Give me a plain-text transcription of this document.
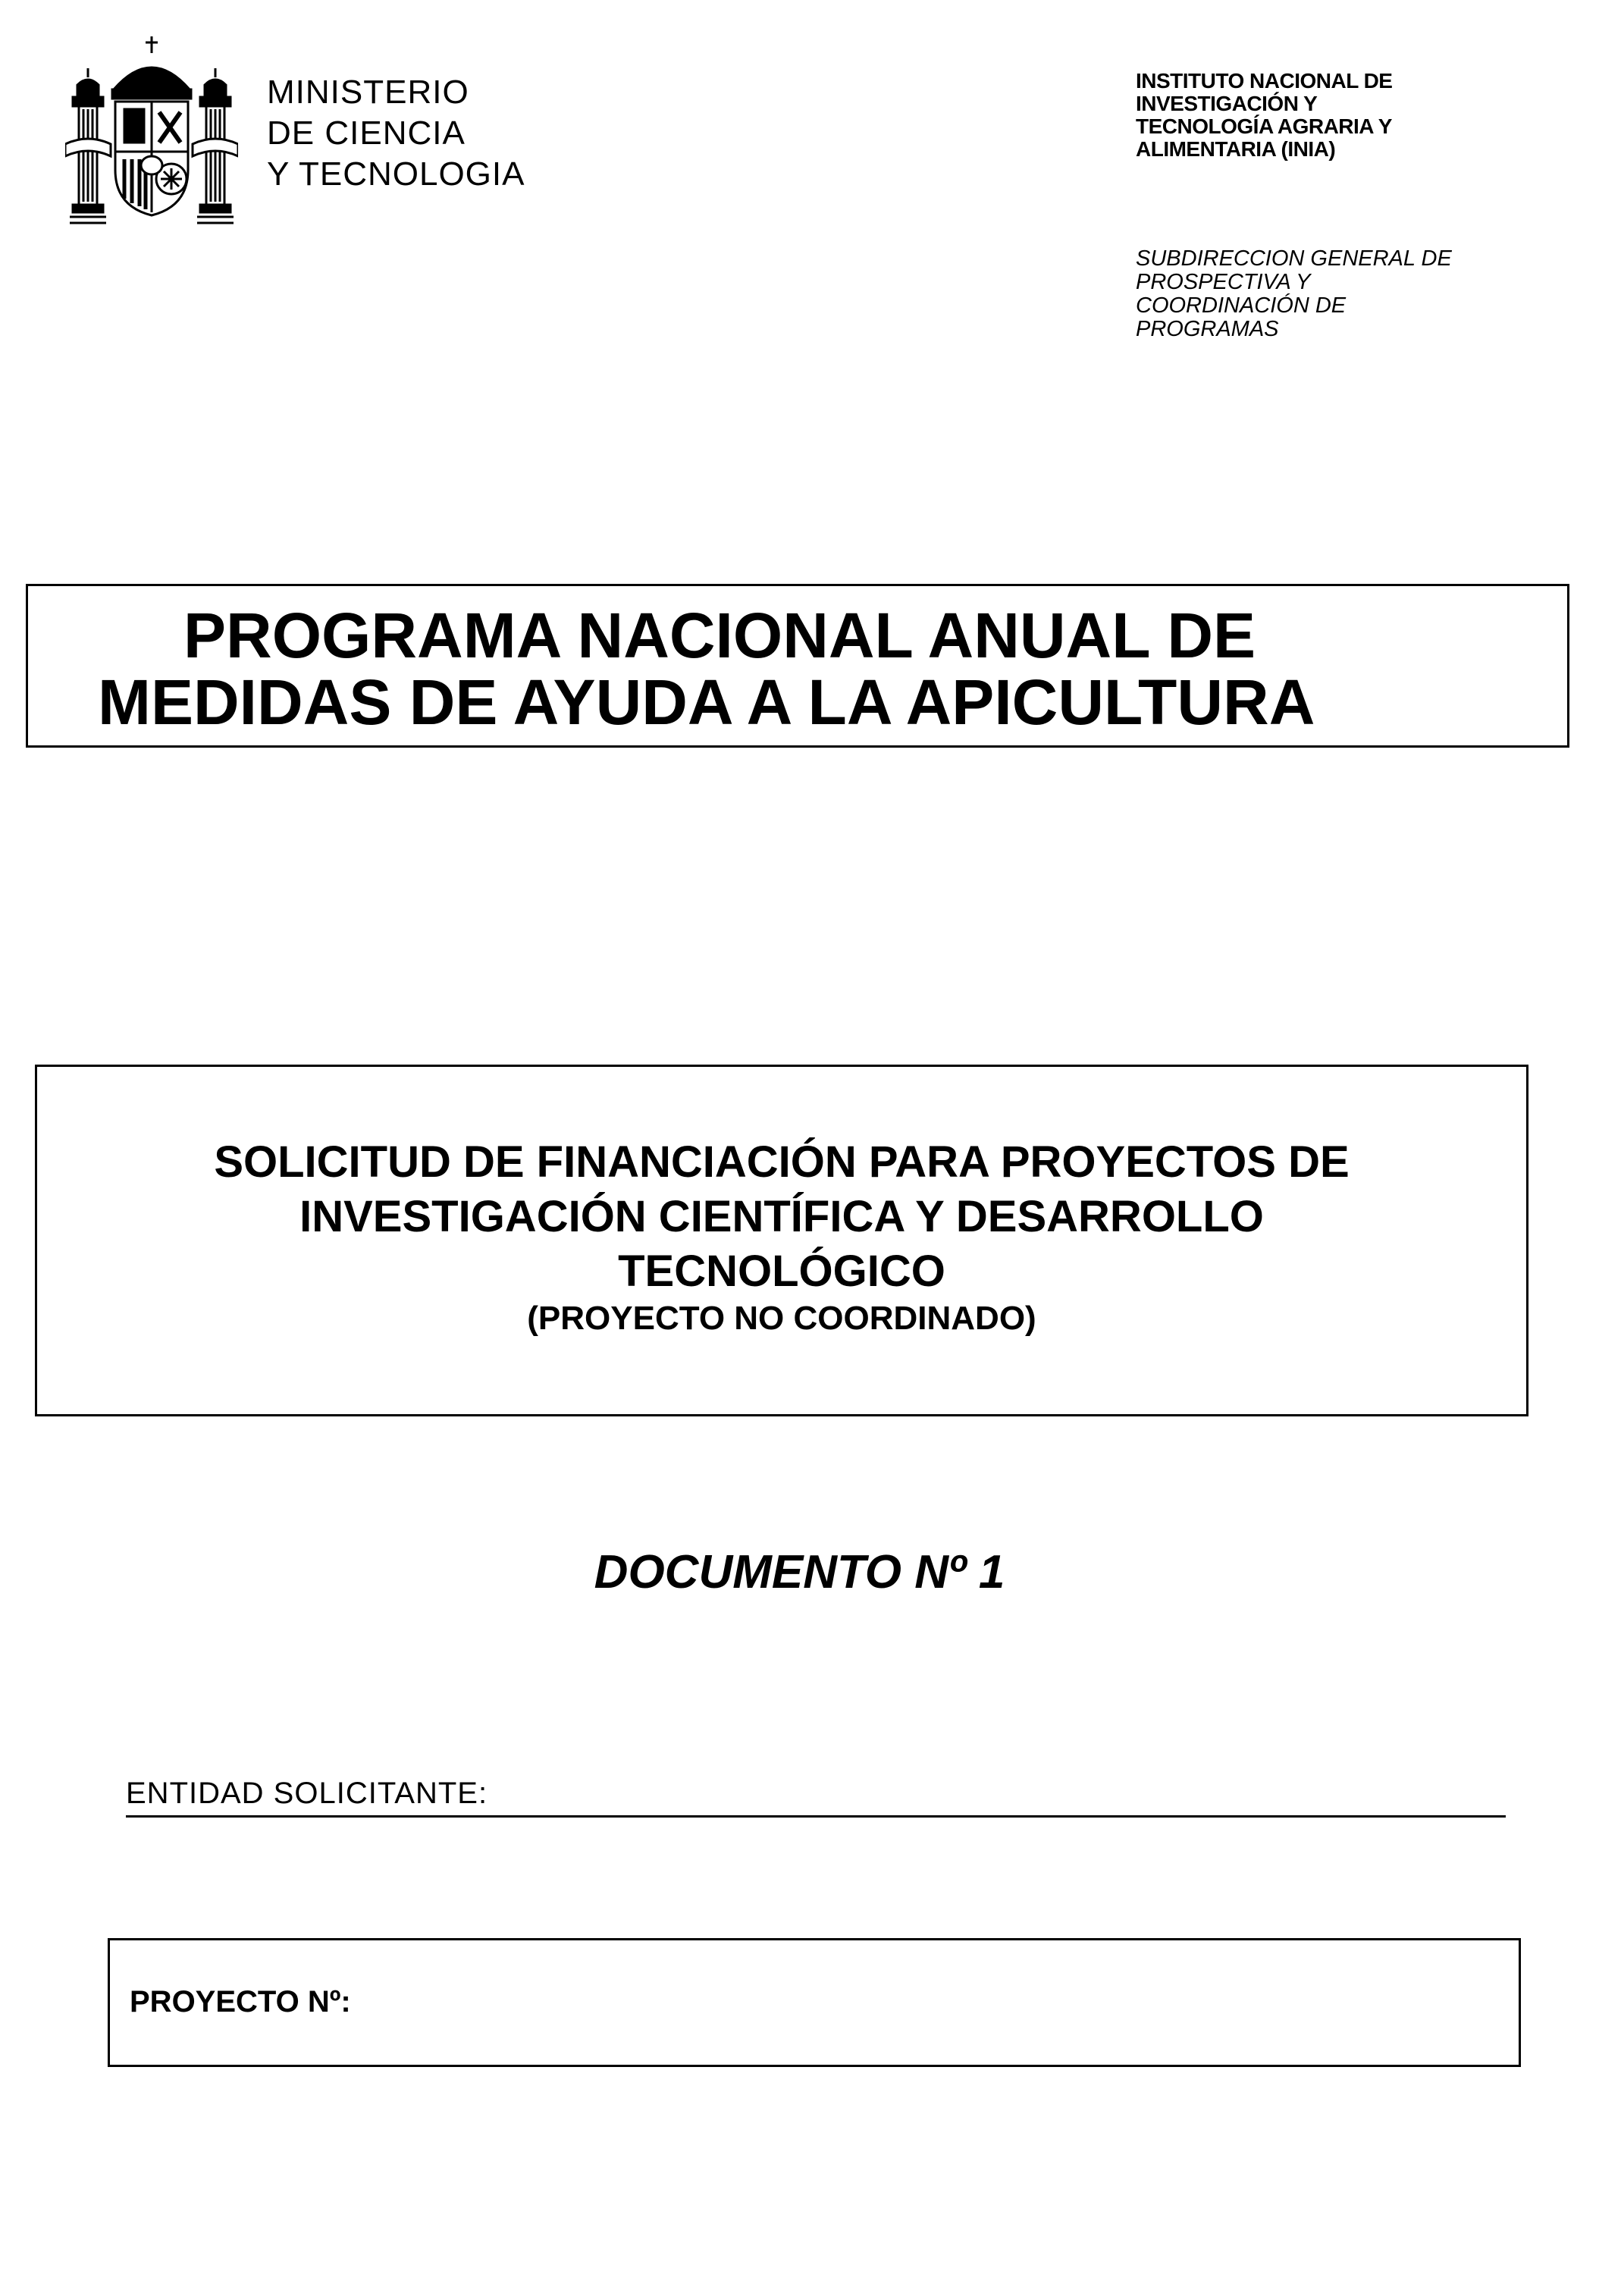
MINISTERIO
DE CIENCIA
Y TECNOLOGIA
INSTITUTO NACIONAL DE
INVESTIGACIÓN Y
TECNOLOGÍA AGRARIA Y
ALIMENTARIA (INIA)
SUBDIRECCION GENERAL DE
PROSPECTIVA Y
COORDINACIÓN DE
PROGRAMAS
PROGRAMA NACIONAL ANUAL DE
MEDIDAS DE AYUDA A LA APICULTURA
SOLICITUD DE FINANCIACIÓN PARA PROYECTOS DE
INVESTIGACIÓN CIENTÍFICA Y DESARROLLO
TECNOLÓGICO
(PROYECTO NO COORDINADO)
DOCUMENTO Nº 1
ENTIDAD SOLICITANTE:
PROYECTO Nº:
